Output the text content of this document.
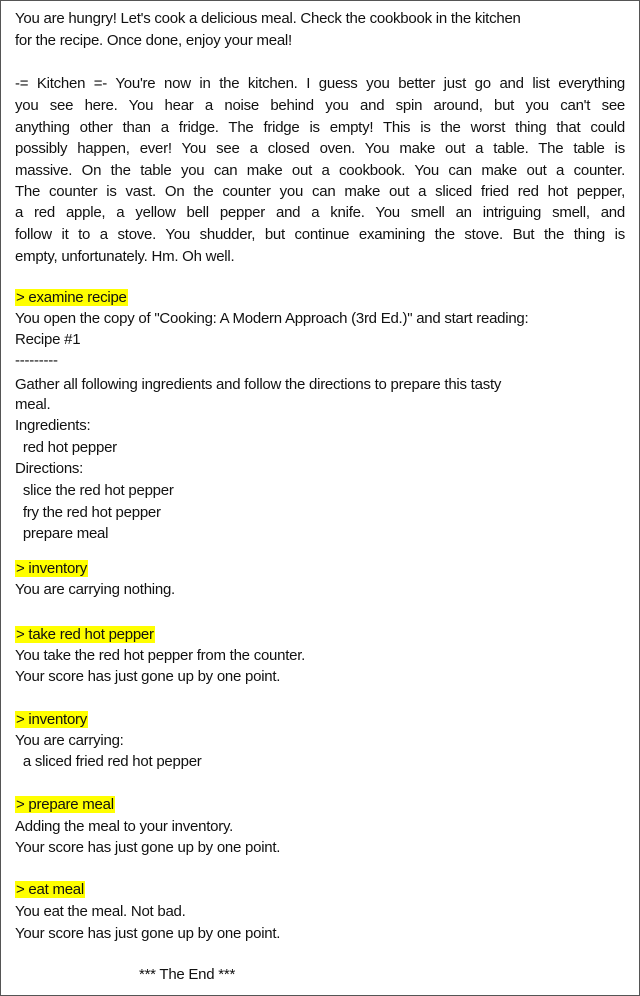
You are hungry! Let's cook a delicious meal. Check the cookbook in the kitchen
for the recipe. Once done, enjoy your meal!
-= Kitchen =- You're now in the kitchen. I guess you better just go and list everything
you see here. You hear a noise behind you and spin around, but you can't see
anything other than a fridge. The fridge is empty! This is the worst thing that could
possibly happen, ever! You see a closed oven. You make out a table. The table is
massive. On the table you can make out a cookbook. You can make out a counter.
The counter is vast. On the counter you can make out a sliced fried red hot pepper,
a red apple, a yellow bell pepper and a knife. You smell an intriguing smell, and
follow it to a stove. You shudder, but continue examining the stove. But the thing is
empty, unfortunately. Hm. Oh well.
> examine recipe
You open the copy of "Cooking: A Modern Approach (3rd Ed.)" and start reading:
Recipe #1
---------
Gather all following ingredients and follow the directions to prepare this tasty
meal.
Ingredients:
red hot pepper
Directions:
slice the red hot pepper
fry the red hot pepper
prepare meal
> inventory
You are carrying nothing.
> take red hot pepper
You take the red hot pepper from the counter.
Your score has just gone up by one point.
> inventory
You are carrying:
a sliced fried red hot pepper
> prepare meal
Adding the meal to your inventory.
Your score has just gone up by one point.
> eat meal
You eat the meal. Not bad.
Your score has just gone up by one point.
*** The End ***
